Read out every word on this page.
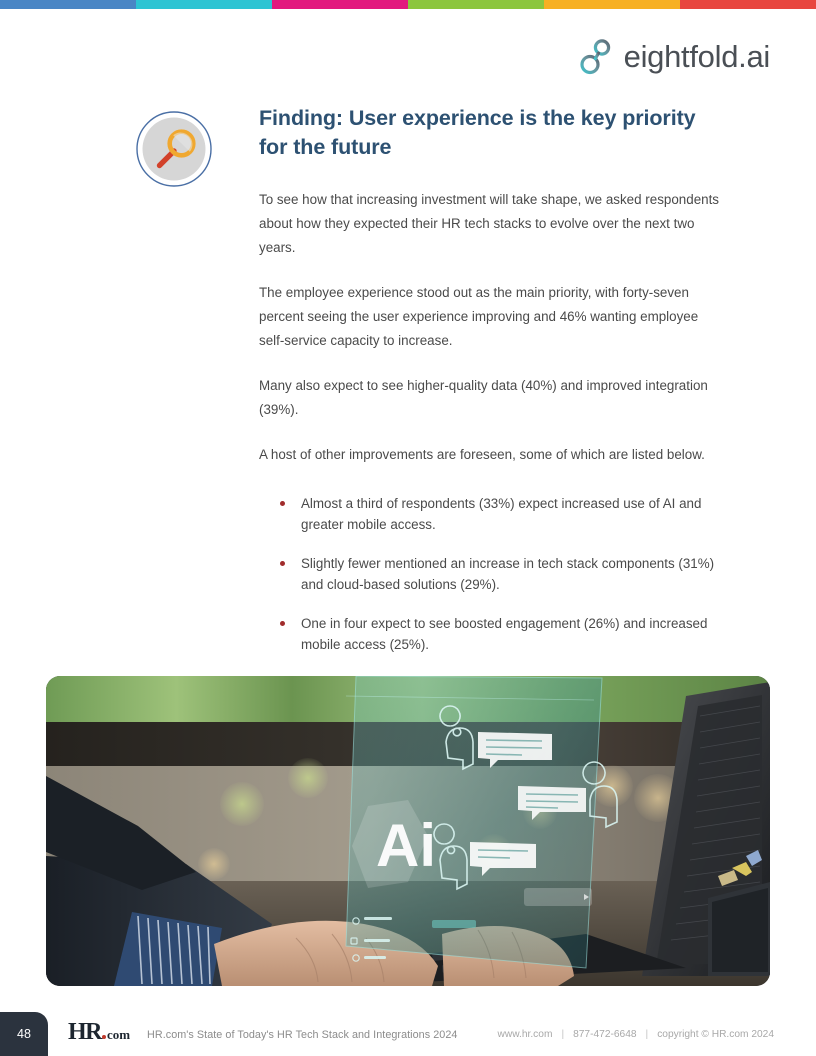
eightfold.ai
Finding: User experience is the key priority for the future

To see how that increasing investment will take shape, we asked respondents about how they expected their HR tech stacks to evolve over the next two years.

The employee experience stood out as the main priority, with forty-seven percent seeing the user experience improving and 46% wanting employee self-service capacity to increase.

Many also expect to see higher-quality data (40%) and improved integration (39%).

A host of other improvements are foreseen, some of which are listed below.

Almost a third of respondents (33%) expect increased use of AI and greater mobile access.
Slightly fewer mentioned an increase in tech stack components (31%) and cloud-based solutions (29%).
One in four expect to see boosted engagement (26%) and increased mobile access (25%).
Ai
48	HR com HR.com's State of Today's HR Tech Stack and Integrations 2024	www.hr.com | 877-472-6648 | copyright © HR.com 2024
